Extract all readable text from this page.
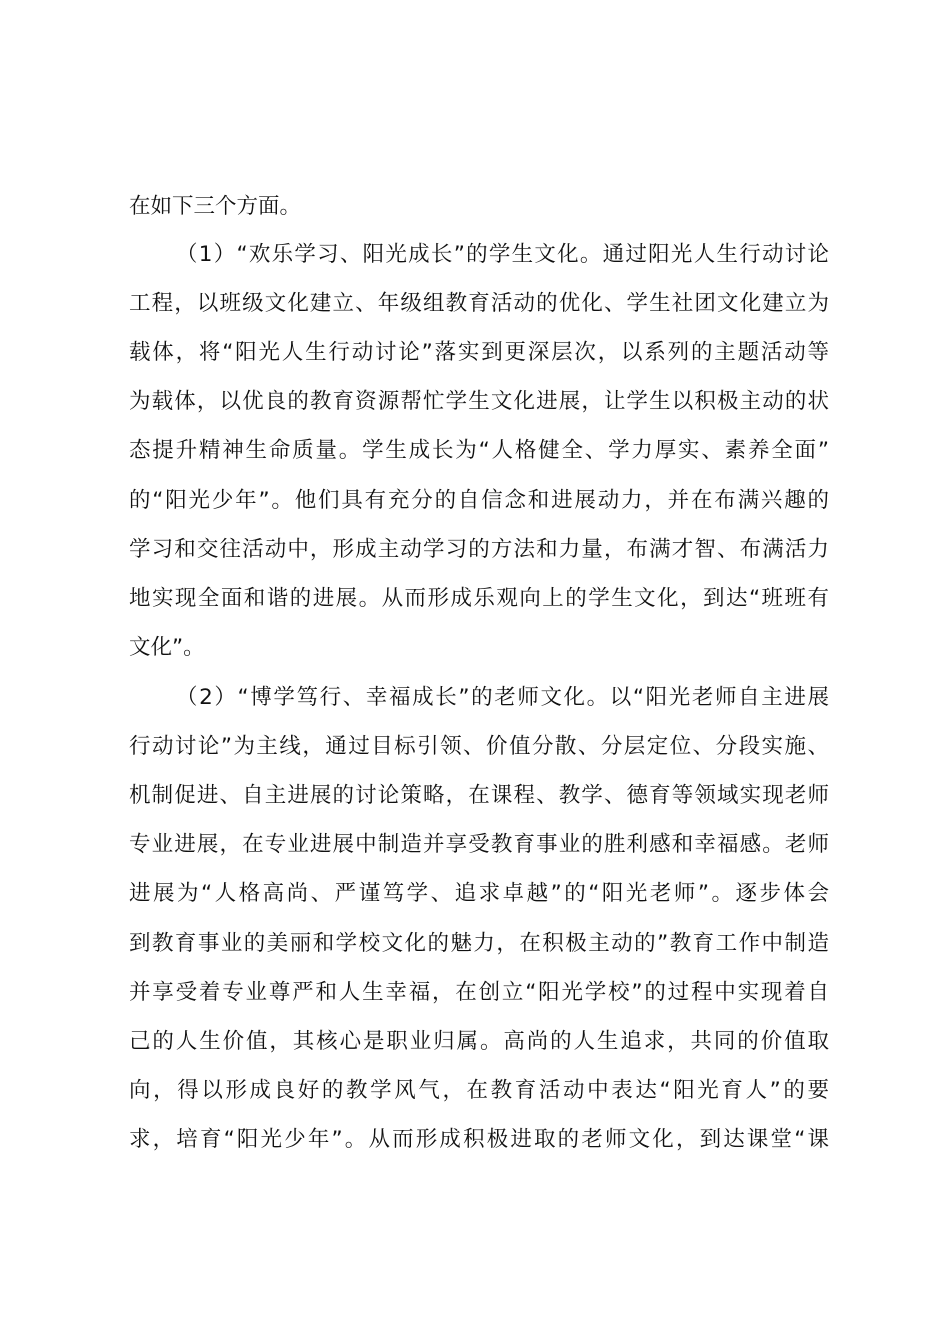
在如下三个方面。
（1）“欢乐学习、阳光成长”的学生文化。通过阳光人生行动讨论
工程，以班级文化建立、年级组教育活动的优化、学生社团文化建立为
载体，将“阳光人生行动讨论”落实到更深层次，以系列的主题活动等
为载体，以优良的教育资源帮忙学生文化进展，让学生以积极主动的状
态提升精神生命质量。学生成长为“人格健全、学力厚实、素养全面”
的“阳光少年”。他们具有充分的自信念和进展动力，并在布满兴趣的
学习和交往活动中，形成主动学习的方法和力量，布满才智、布满活力
地实现全面和谐的进展。从而形成乐观向上的学生文化，到达“班班有
文化”。
（2）“博学笃行、幸福成长”的老师文化。以“阳光老师自主进展
行动讨论”为主线，通过目标引领、价值分散、分层定位、分段实施、
机制促进、自主进展的讨论策略，在课程、教学、德育等领域实现老师
专业进展，在专业进展中制造并享受教育事业的胜利感和幸福感。老师
进展为“人格高尚、严谨笃学、追求卓越”的“阳光老师”。逐步体会
到教育事业的美丽和学校文化的魅力，在积极主动的”教育工作中制造
并享受着专业尊严和人生幸福，在创立“阳光学校”的过程中实现着自
己的人生价值，其核心是职业归属。高尚的人生追求，共同的价值取
向，得以形成良好的教学风气，在教育活动中表达“阳光育人”的要
求，培育“阳光少年”。从而形成积极进取的老师文化，到达课堂“课
